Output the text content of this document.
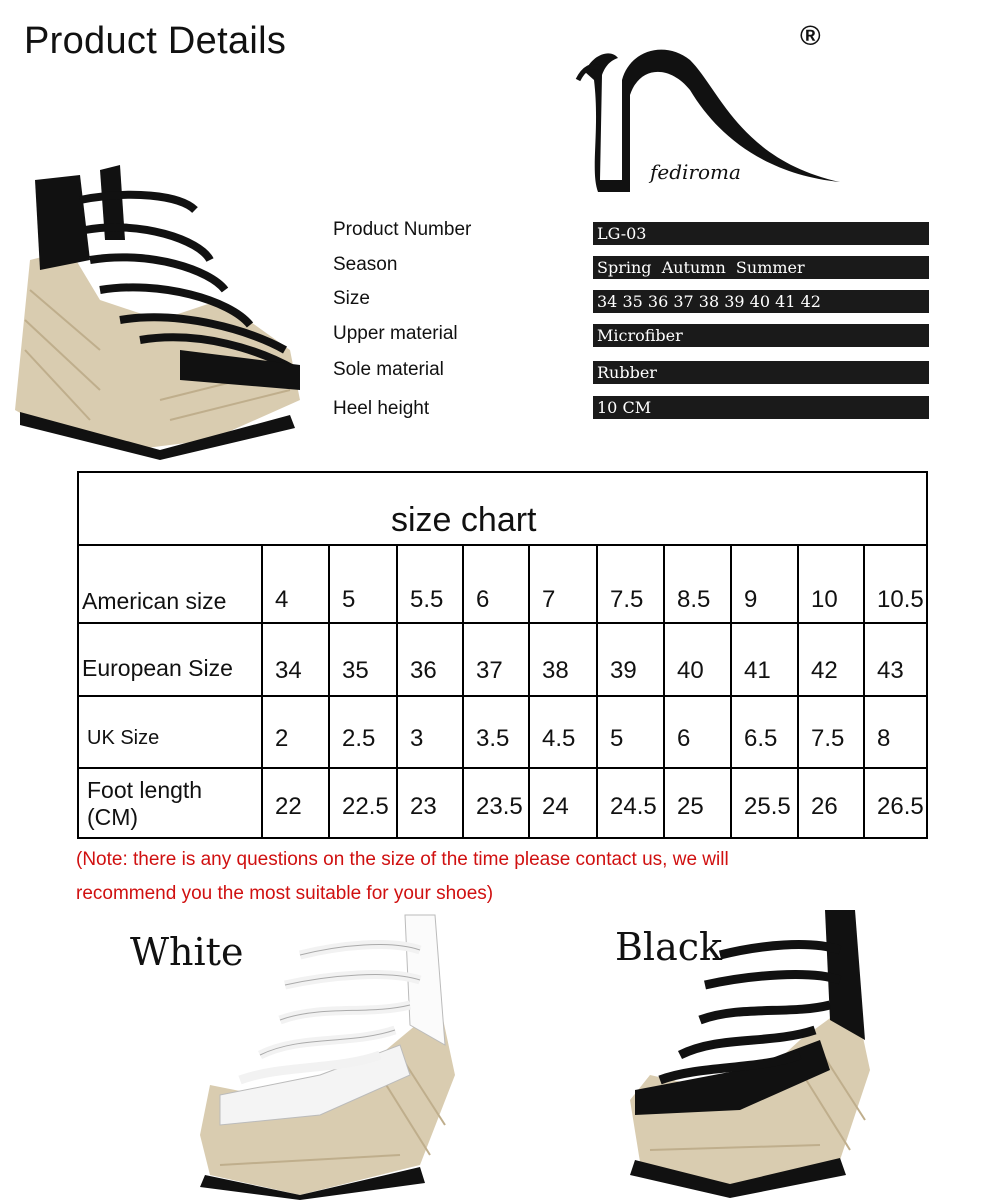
Product Details	®
fediroma
Product Number	LG-03
Season	Spring  Autumn  Summer
Size	34 35 36 37 38 39 40 41 42
Upper material	Microfiber
Sole material	Rubber
Heel height	10 CM
size chart
American size 4 5 5.5 6 7 7.5 8.5 9 10 10.5
European Size 34 35 36 37 38 39 40 41 42 43
UK Size	2 2.5 3 3.5 4.5 5 6 6.5 7.5 8
Foot length (CM)	22 22.5 23 23.5 24 24.5 25 25.5 26 26.5
(Note: there is any questions on the size of the time please contact us, we will
recommend you the most suitable for your shoes)
White	Black
